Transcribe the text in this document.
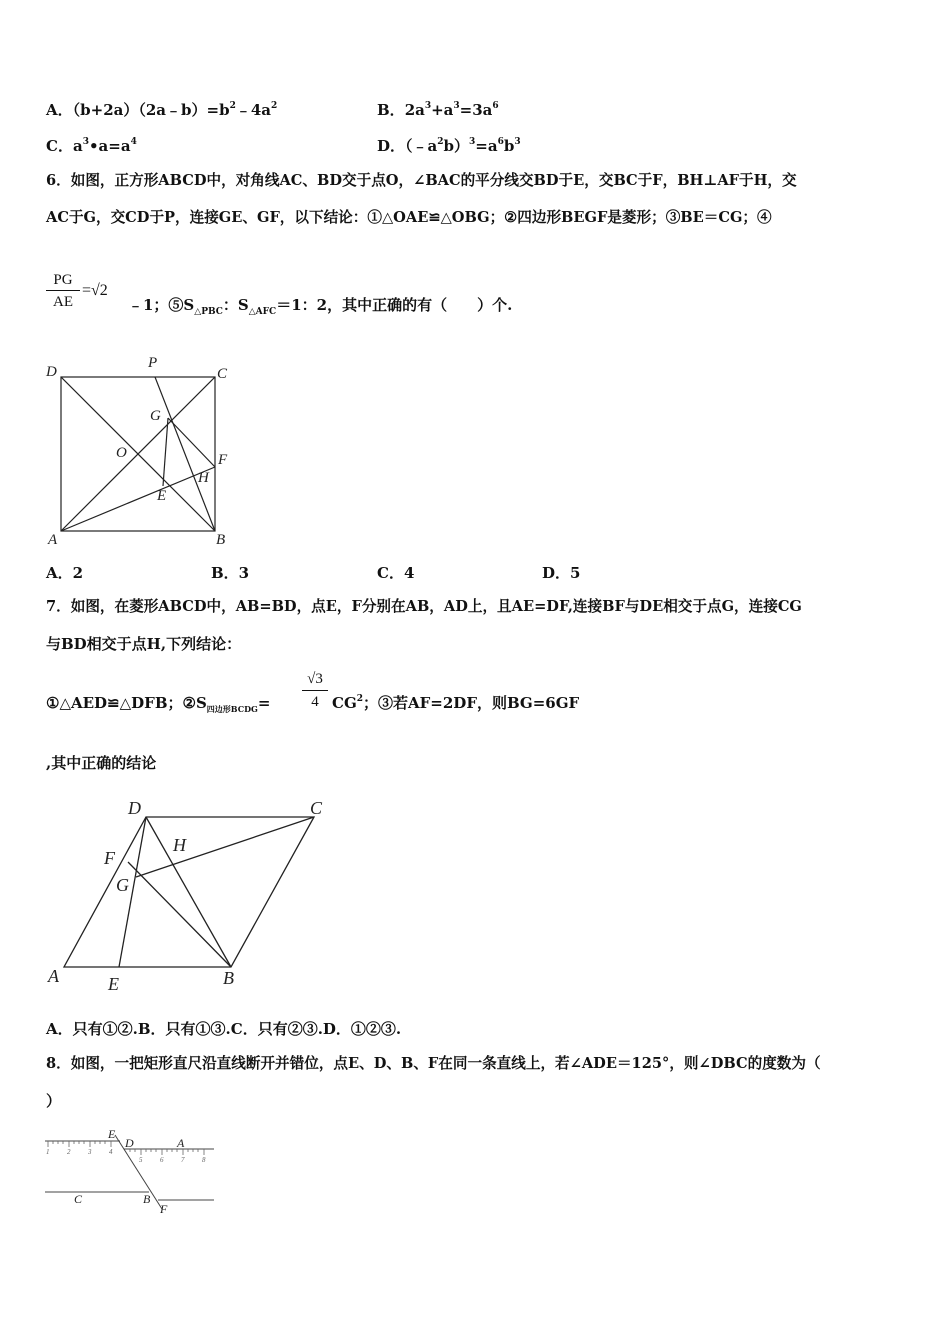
A．$(b+2a)(2a﹣b)=b^2﹣4a^2$	B．$2a^3+a^3=3a^6$
C．$a^3•a=a^4$	D．$(﹣a^2b)^3=a^6b^3$
6．如图，正方形ABCD中，对角线AC、BD交于点O，∠BAC的平分线交BD于E，交BC于F，BH⊥AF于H，交
AC于G，交CD于P，连接GE、GF，以下结论：①△OAE≌△OBG；②四边形BEGF是菱形；③BE＝CG；④
$\frac{PG}{AE} =√2$
﹣1；$⑤S_{\triangle PBC}$：$S_{\triangle AFC}=1$：2，其中正确的有（　　）个.
D
P
C
G
O	F
H
E
A	B
A．2	B．3	C．4	D．5
7．如图，在菱形ABCD中，AB=BD，点E，F分别在AB，AD上，且AE=DF,连接BF与DE相交于点G，连接CG
与BD相交于点H,下列结论：
①△AED≌△DFB；$②S_{四边形BCDG}= \frac{√3}{4} CG^2$；③若AF=2DF，则BG=6GF
,其中正确的结论
D	C
H
F
G
A	E	B
A．只有①②.B．只有①③.C．只有②③.D．①②③.
8．如图，一把矩形直尺沿直线断开并错位，点E、D、B、F在同一条直线上，若∠ADE＝125°，则∠DBC的度数为（
）
1	2	3	4
5	6	7	8
E
D	A
C	B
F
